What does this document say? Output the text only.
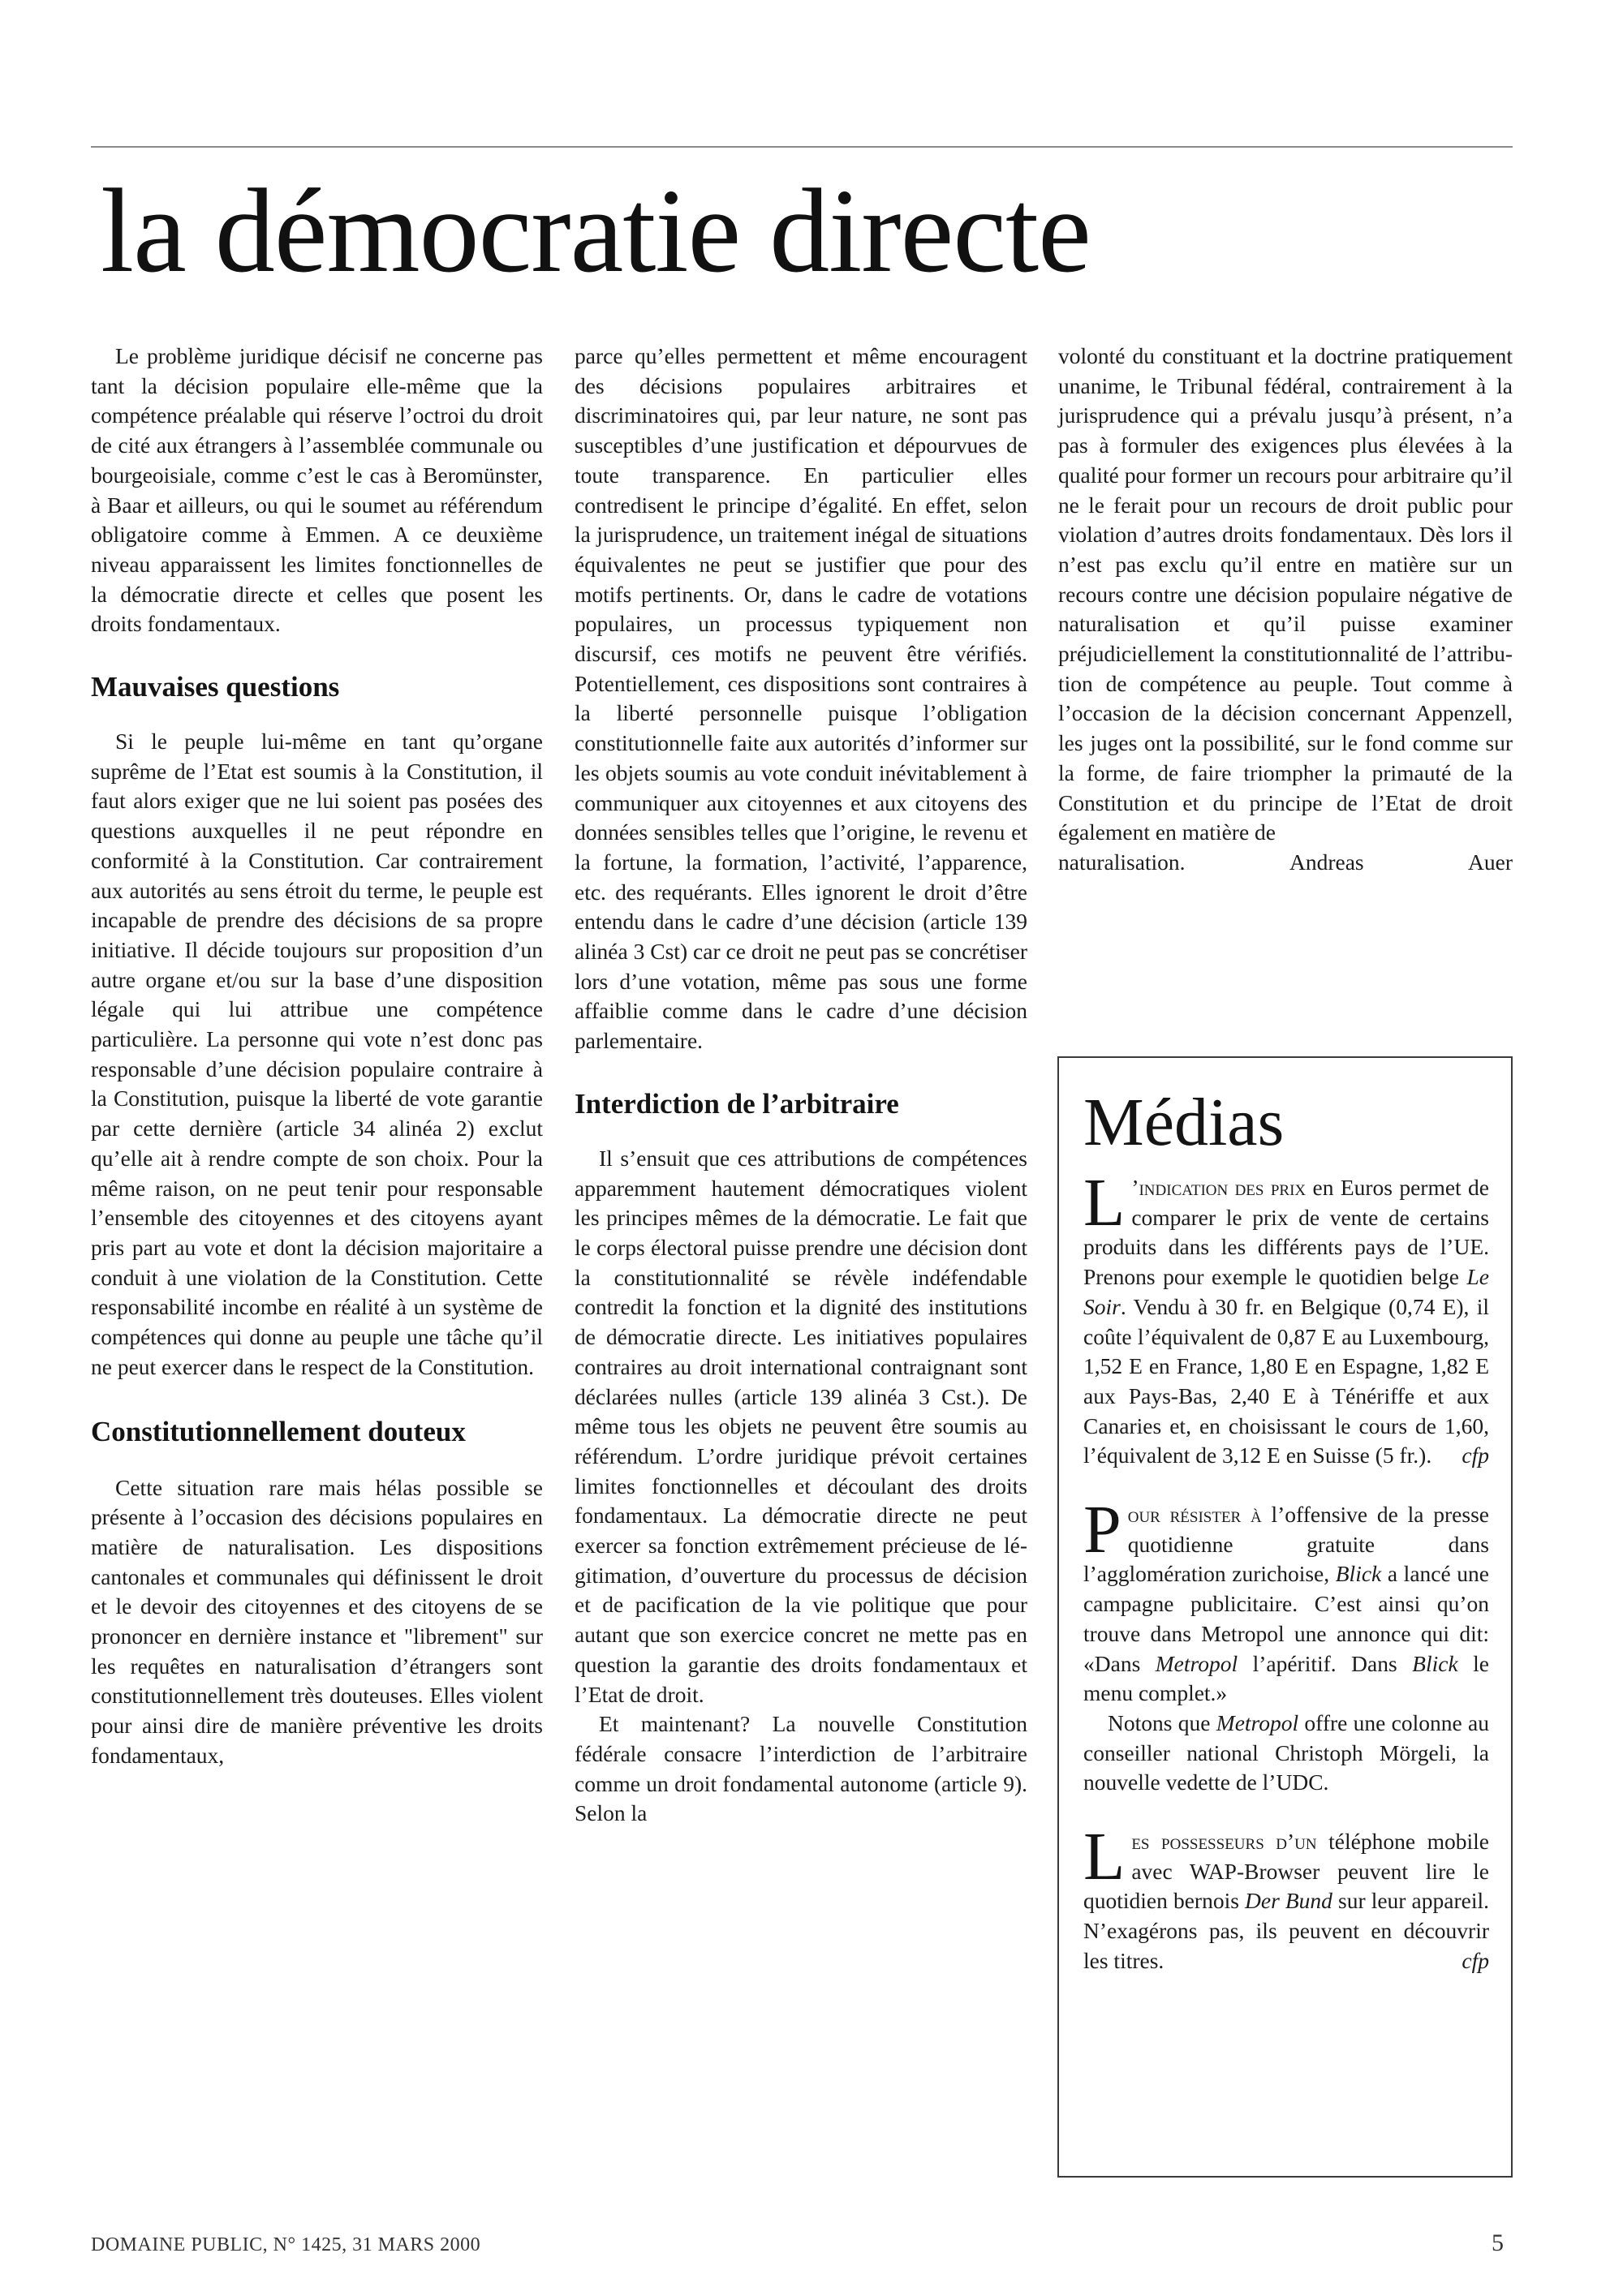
la démocratie directe

Le problème juridique décisif ne concerne pas tant la décision populaire elle-même que la compétence préalable qui réserve l’octroi du droit de cité aux étrangers à l’assemblée communale ou bourgeoisiale, comme c’est le cas à Beromünster, à Baar et ailleurs, ou qui le soumet au référendum obligatoire comme à Emmen. A ce deuxième niveau apparaissent les limites fonctionnelles de la démocratie directe et celles que posent les droits fondamentaux.

Mauvaises questions

Si le peuple lui-même en tant qu’organe suprême de l’Etat est soumis à la Constitution, il faut alors exiger que ne lui soient pas posées des questions auxquelles il ne peut répondre en conformité à la Constitution. Car contrairement aux autorités au sens étroit du terme, le peuple est incapable de prendre des décisions de sa propre initiative. Il décide toujours sur proposition d’un autre organe et/ou sur la base d’une disposition légale qui lui attribue une compétence particulière. La personne qui vote n’est donc pas responsable d’une décision populaire contraire à la Constitution, puisque la liberté de vote garantie par cette dernière (article 34 alinéa 2) exclut qu’elle ait à rendre compte de son choix. Pour la même raison, on ne peut tenir pour responsable l’ensemble des citoyennes et des citoyens ayant pris part au vote et dont la décision majoritaire a conduit à une violation de la Constitution. Cette responsabilité incombe en réalité à un système de compétences qui donne au peuple une tâche qu’il ne peut exercer dans le respect de la Constitution.

Constitutionnellement douteux

Cette situation rare mais hélas possible se présente à l’occasion des décisions populaires en matière de naturalisation. Les dispositions cantonales et communales qui définissent le droit et le devoir des citoyennes et des citoyens de se prononcer en dernière instance et "librement" sur les requêtes en naturalisation d’étrangers sont constitutionnellement très douteuses. Elles violent pour ainsi dire de manière préventive les droits fondamentaux,

parce qu’elles permettent et même encouragent des décisions populaires arbitraires et discriminatoires qui, par leur nature, ne sont pas susceptibles d’une justification et dépourvues de toute transparence. En particulier elles contredisent le principe d’égalité. En effet, selon la jurisprudence, un traitement inégal de situations équivalentes ne peut se justifier que pour des motifs pertinents. Or, dans le cadre de votations populaires, un processus typiquement non discursif, ces motifs ne peuvent être vérifiés. Potentiellement, ces dispositions sont contraires à la liberté personnelle puisque l’obligation constitutionnelle faite aux autorités d’informer sur les objets soumis au vote conduit inévitablement à communiquer aux citoyennes et aux citoyens des données sensibles telles que l’origine, le revenu et la fortune, la formation, l’activité, l’apparence, etc. des requérants. Elles ignorent le droit d’être entendu dans le cadre d’une décision (article 139 alinéa 3 Cst) car ce droit ne peut pas se concrétiser lors d’une votation, même pas sous une forme affaiblie comme dans le cadre d’une décision parlementaire.

Interdiction de l’arbitraire

Il s’ensuit que ces attributions de compétences apparemment hautement démocratiques violent les principes mêmes de la démocratie. Le fait que le corps électoral puisse prendre une décision dont la constitutionnalité se révèle indéfendable contredit la fonction et la dignité des institutions de démocratie directe. Les initiatives populaires contraires au droit international contraignant sont déclarées nulles (article 139 alinéa 3 Cst.). De même tous les objets ne peuvent être soumis au référendum. L’ordre juridique prévoit certaines limites fonctionnelles et découlant des droits fondamentaux. La démocratie directe ne peut exercer sa fonction extrêmement précieuse de légitimation, d’ouverture du processus de décision et de pacification de la vie politique que pour autant que son exercice concret ne mette pas en question la garantie des droits fondamentaux et l’Etat de droit.

Et maintenant? La nouvelle Constitution fédérale consacre l’interdiction de l’arbitraire comme un droit fondamental autonome (article 9). Selon la

volonté du constituant et la doctrine pratiquement unanime, le Tribunal fédéral, contrairement à la jurisprudence qui a prévalu jusqu’à présent, n’a pas à formuler des exigences plus élevées à la qualité pour former un recours pour arbitraire qu’il ne le ferait pour un recours de droit public pour violation d’autres droits fondamentaux. Dès lors il n’est pas exclu qu’il entre en matière sur un recours contre une décision populaire négative de naturalisation et qu’il puisse examiner préjudiciellement la constitutionnalité de l’attribution de compétence au peuple. Tout comme à l’occasion de la décision concernant Appenzell, les juges ont la possibilité, sur le fond comme sur la forme, de faire triompher la primauté de la Constitution et du principe de l’Etat de droit également en matière de

naturalisation.	Andreas Auer
Médias

L ’indication des prix en Euros permet de comparer le prix de vente de certains produits dans les différents pays de l’UE. Prenons pour exemple le quotidien belge Le Soir. Vendu à 30 fr. en Belgique (0,74 E), il coûte l’équivalent de 0,87 E au Luxembourg, 1,52 E en France, 1,80 E en Espagne, 1,82 E aux Pays-Bas, 2,40 E à Ténériffe et aux Canaries et, en choisissant le cours de 1,60, l’équivalent de 3,12 E en Suisse (5 fr.). cfp

Pour résister à l’offensive de la presse quotidienne gratuite dans l’agglomération zurichoise, Blick a lancé une campagne publicitaire. C’est ainsi qu’on trouve dans Metropol une annonce qui dit: «Dans Metropol l’apéritif. Dans Blick le menu complet.»

Notons que Metropol offre une colonne au conseiller national Christoph Mörgeli, la nouvelle vedette de l’UDC.

Les possesseurs d’un téléphone mobile avec WAP-Browser peuvent lire le quotidien bernois Der Bund sur leur appareil. N’exagérons pas, ils peuvent en découvrir les titres.	cfp

DOMAINE PUBLIC, N° 1425, 31 MARS 2000	5
